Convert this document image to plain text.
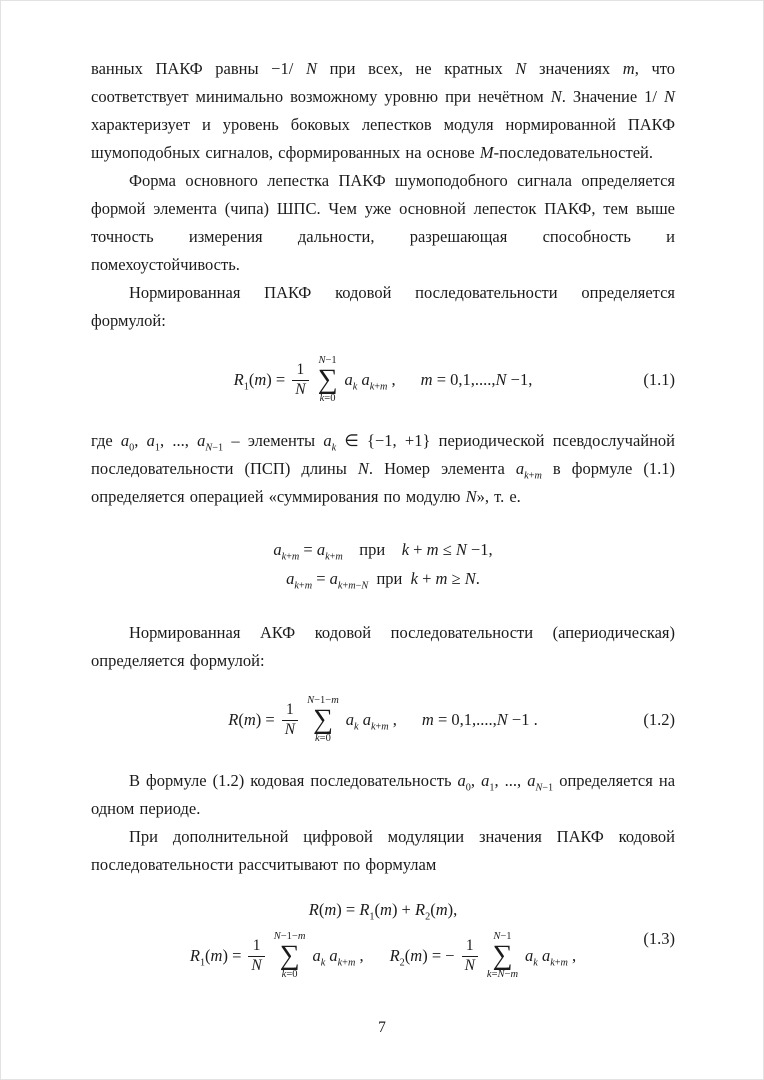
ванных ПАКФ равны −1/ N при всех, не кратных N значениях m, что соответствует минимально возможному уровню при нечётном N. Значение 1/ N характеризует и уровень боковых лепестков модуля нормированной ПАКФ шумоподобных сигналов, сформированных на основе М-последовательностей.

Форма основного лепестка ПАКФ шумоподобного сигнала определяется формой элемента (чипа) ШПС. Чем уже основной лепесток ПАКФ, тем выше точность измерения дальности, разрешающая способность и помехоустойчивость.

Нормированная ПАКФ кодовой последовательности определяется формулой:

$R_1(m) = \frac{1}{N}$
N−1
∑
k=0
$a_k$ $a_{k+m}$ , m = 0,1,....,N −1,	(1.1)

где $a_0$, $a_1$, ..., $a_{N-1}$ – элементы $a_k$ ∈ {−1, +1} периодической псевдослучайной последовательности (ПСП) длины N. Номер элемента $a_{k+m}$ в формуле (1.1) определяется операцией «суммирования по модулю N», т. е.

$a_{k+m} = a_{k+m}$ при k + m ≤ N −1,
$a_{k+m} = a_{k+m-N}$ при k + m ≥ N.

Нормированная АКФ кодовой последовательности (апериодическая) определяется формулой:

$R(m) = \frac{1}{N}$
N−1−m
∑
k=0
$a_k$ $a_{k+m}$ , m = 0,1,....,N −1 .	(1.2)

В формуле (1.2) кодовая последовательность $a_0$, $a_1$, ..., $a_{N-1}$ определяется на одном периоде.

При дополнительной цифровой модуляции значения ПАКФ кодовой последовательности рассчитывают по формулам

$R(m) = R_1(m) + R_2(m)$,
$R_1(m) = \frac{1}{N}$
N−1−m
∑
k=0
$a_k$ $a_{k+m}$ , $R_2(m)$ = − $\frac{1}{N}$
N−1
∑
k=N−m
$a_k$ $a_{k+m}$ ,
(1.3)
7
